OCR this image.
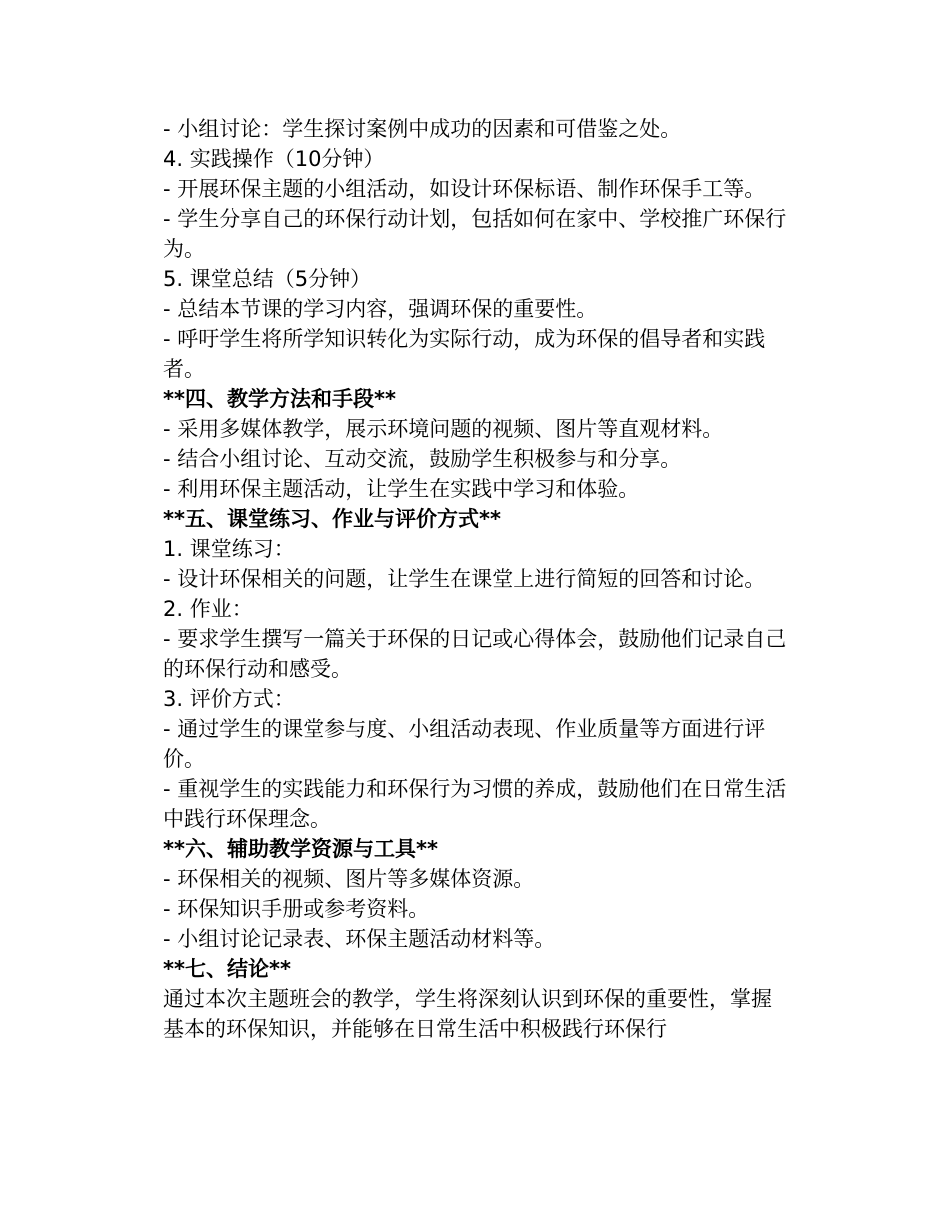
- 小组讨论：学生探讨案例中成功的因素和可借鉴之处。

4. 实践操作（10分钟）

- 开展环保主题的小组活动，如设计环保标语、制作环保手工等。

- 学生分享自己的环保行动计划，包括如何在家中、学校推广环保行为。

5. 课堂总结（5分钟）

- 总结本节课的学习内容，强调环保的重要性。

- 呼吁学生将所学知识转化为实际行动，成为环保的倡导者和实践者。

**四、教学方法和手段**

- 采用多媒体教学，展示环境问题的视频、图片等直观材料。

- 结合小组讨论、互动交流，鼓励学生积极参与和分享。

- 利用环保主题活动，让学生在实践中学习和体验。

**五、课堂练习、作业与评价方式**

1. 课堂练习：

- 设计环保相关的问题，让学生在课堂上进行简短的回答和讨论。

2. 作业：

- 要求学生撰写一篇关于环保的日记或心得体会，鼓励他们记录自己的环保行动和感受。

3. 评价方式：

- 通过学生的课堂参与度、小组活动表现、作业质量等方面进行评价。

- 重视学生的实践能力和环保行为习惯的养成，鼓励他们在日常生活中践行环保理念。

**六、辅助教学资源与工具**

- 环保相关的视频、图片等多媒体资源。

- 环保知识手册或参考资料。

- 小组讨论记录表、环保主题活动材料等。

**七、结论**

通过本次主题班会的教学，学生将深刻认识到环保的重要性，掌握基本的环保知识，并能够在日常生活中积极践行环保行
